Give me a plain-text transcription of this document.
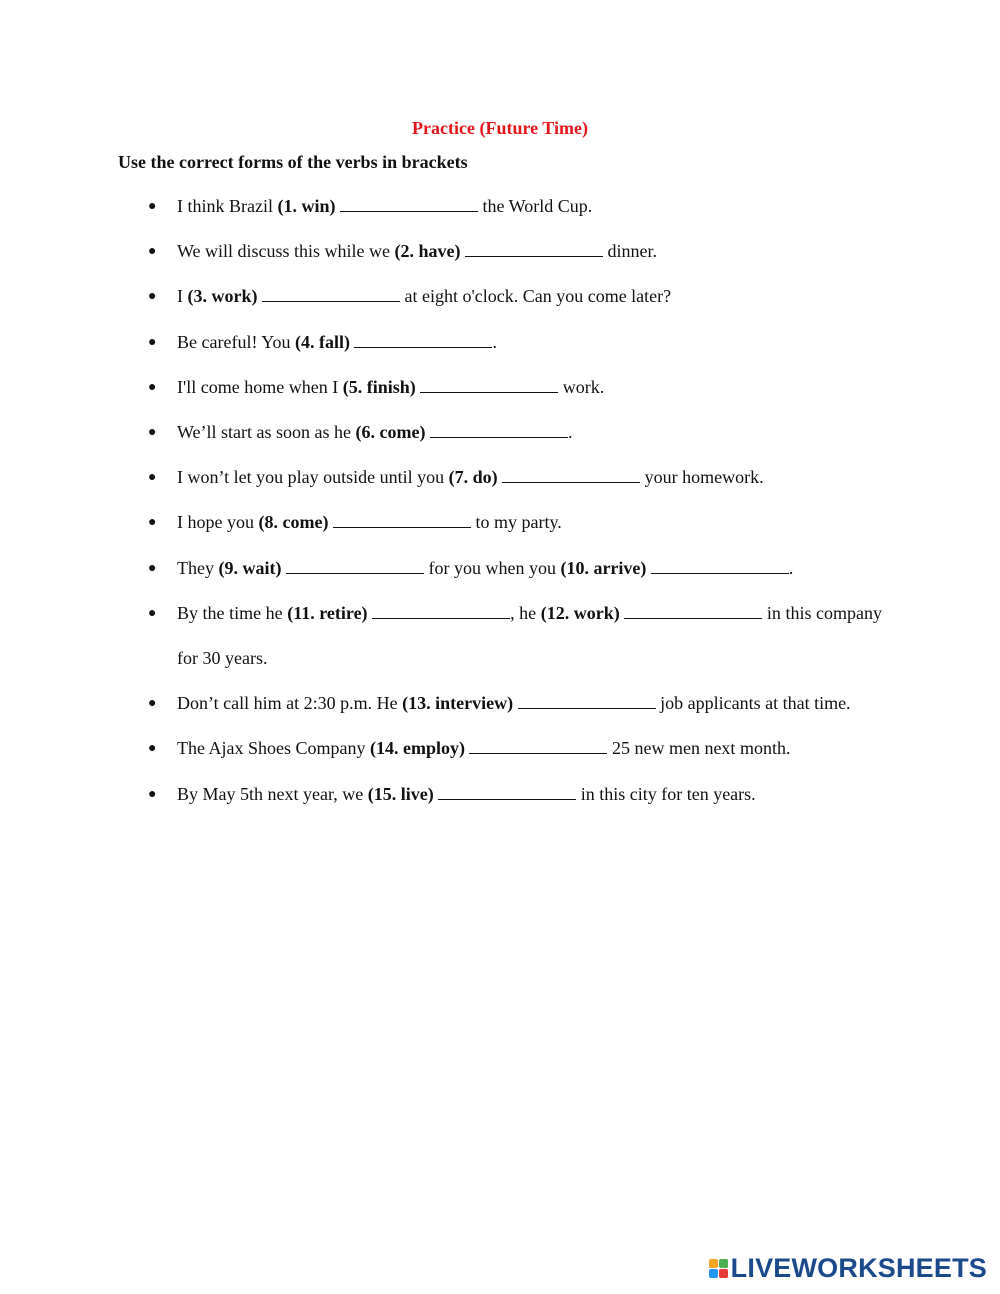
Practice (Future Time)
Use the correct forms of the verbs in brackets
● I think Brazil (1. win)	the World Cup.
● We will discuss this while we (2. have)	dinner.
● I (3. work)	at eight o'clock. Can you come later?
● Be careful! You (4. fall)	.
● I'll come home when I (5. finish)	work.
● We’ll start as soon as he (6. come)	.
● I won’t let you play outside until you (7. do)	your homework.
● I hope you (8. come)	to my party.
● They (9. wait)	for you when you (10. arrive)	.
● By the time he (11. retire)	, he (12. work)	in this company for 30 years.
● Don’t call him at 2:30 p.m. He (13. interview)	job applicants at that time.
● The Ajax Shoes Company (14. employ)	25 new men next month.
● By May 5th next year, we (15. live)	in this city for ten years.
LIVEWORKSHEETS
